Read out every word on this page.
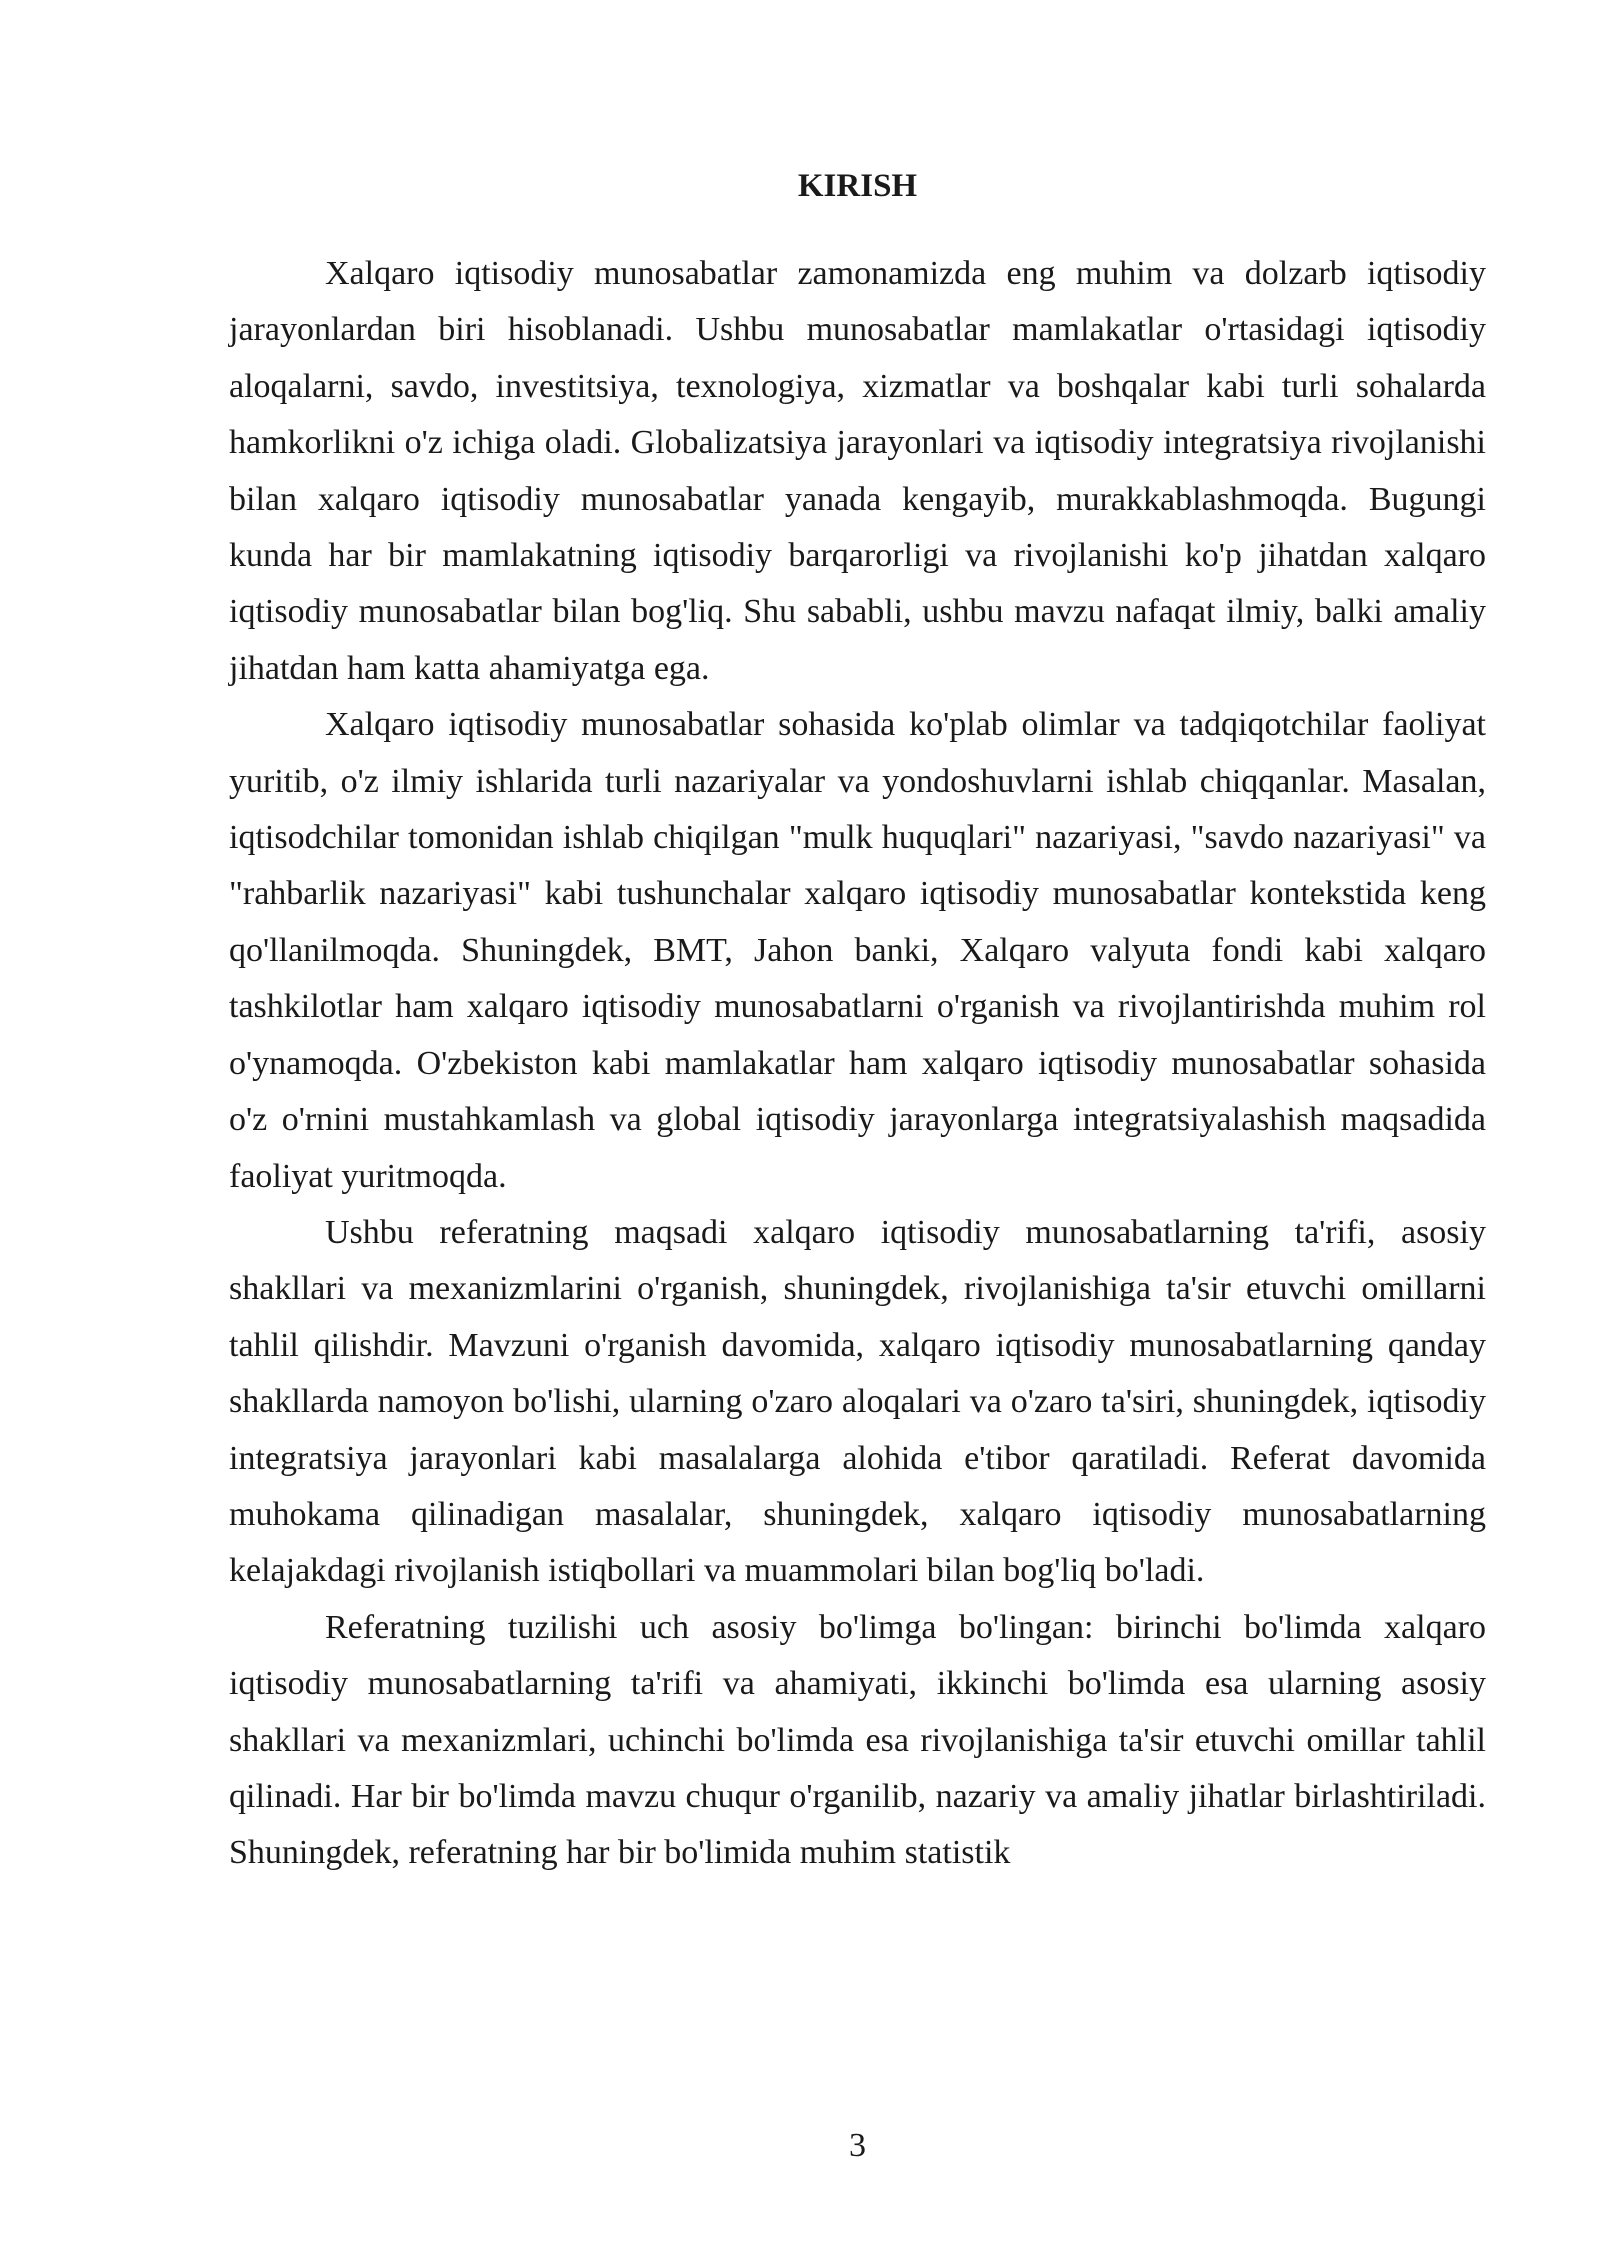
KIRISH

Xalqaro iqtisodiy munosabatlar zamonamizda eng muhim va dolzarb iqtisodiy jarayonlardan biri hisoblanadi. Ushbu munosabatlar mamlakatlar o'rtasidagi iqtisodiy aloqalarni, savdo, investitsiya, texnologiya, xizmatlar va boshqalar kabi turli sohalarda hamkorlikni o'z ichiga oladi. Globalizatsiya jarayonlari va iqtisodiy integratsiya rivojlanishi bilan xalqaro iqtisodiy munosabatlar yanada kengayib, murakkablashmoqda. Bugungi kunda har bir mamlakatning iqtisodiy barqarorligi va rivojlanishi ko'p jihatdan xalqaro iqtisodiy munosabatlar bilan bog'liq. Shu sababli, ushbu mavzu nafaqat ilmiy, balki amaliy jihatdan ham katta ahamiyatga ega.

Xalqaro iqtisodiy munosabatlar sohasida ko'plab olimlar va tadqiqotchilar faoliyat yuritib, o'z ilmiy ishlarida turli nazariyalar va yondoshuvlarni ishlab chiqqanlar. Masalan, iqtisodchilar tomonidan ishlab chiqilgan "mulk huquqlari" nazariyasi, "savdo nazariyasi" va "rahbarlik nazariyasi" kabi tushunchalar xalqaro iqtisodiy munosabatlar kontekstida keng qo'llanilmoqda. Shuningdek, BMT, Jahon banki, Xalqaro valyuta fondi kabi xalqaro tashkilotlar ham xalqaro iqtisodiy munosabatlarni o'rganish va rivojlantirishda muhim rol o'ynamoqda. O'zbekiston kabi mamlakatlar ham xalqaro iqtisodiy munosabatlar sohasida o'z o'rnini mustahkamlash va global iqtisodiy jarayonlarga integratsiyalashish maqsadida faoliyat yuritmoqda.

Ushbu referatning maqsadi xalqaro iqtisodiy munosabatlarning ta'rifi, asosiy shakllari va mexanizmlarini o'rganish, shuningdek, rivojlanishiga ta'sir etuvchi omillarni tahlil qilishdir. Mavzuni o'rganish davomida, xalqaro iqtisodiy munosabatlarning qanday shakllarda namoyon bo'lishi, ularning o'zaro aloqalari va o'zaro ta'siri, shuningdek, iqtisodiy integratsiya jarayonlari kabi masalalarga alohida e'tibor qaratiladi. Referat davomida muhokama qilinadigan masalalar, shuningdek, xalqaro iqtisodiy munosabatlarning kelajakdagi rivojlanish istiqbollari va muammolari bilan bog'liq bo'ladi.

Referatning tuzilishi uch asosiy bo'limga bo'lingan: birinchi bo'limda xalqaro iqtisodiy munosabatlarning ta'rifi va ahamiyati, ikkinchi bo'limda esa ularning asosiy shakllari va mexanizmlari, uchinchi bo'limda esa rivojlanishiga ta'sir etuvchi omillar tahlil qilinadi. Har bir bo'limda mavzu chuqur o'rganilib, nazariy va amaliy jihatlar birlashtiriladi. Shuningdek, referatning har bir bo'limida muhim statistik

3
